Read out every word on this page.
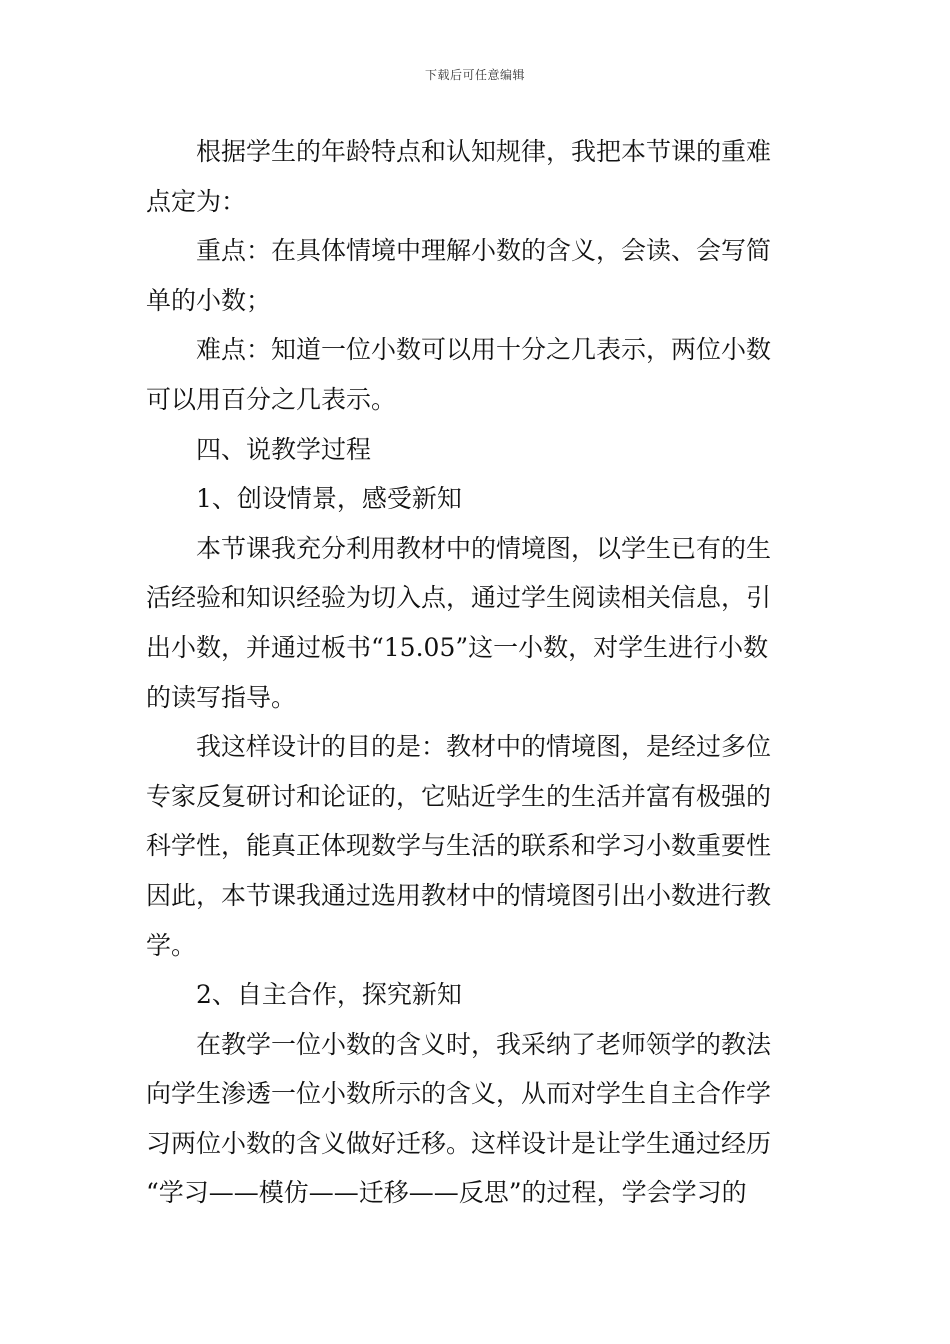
下载后可任意编辑

根据学生的年龄特点和认知规律，我把本节课的重难
点定为：

重点：在具体情境中理解小数的含义，会读、会写简
单的小数；

难点：知道一位小数可以用十分之几表示，两位小数
可以用百分之几表示。

四、说教学过程

1、创设情景，感受新知

本节课我充分利用教材中的情境图，以学生已有的生
活经验和知识经验为切入点，通过学生阅读相关信息，引
出小数，并通过板书“15.05”这一小数，对学生进行小数
的读写指导。

我这样设计的目的是：教材中的情境图，是经过多位
专家反复研讨和论证的，它贴近学生的生活并富有极强的
科学性，能真正体现数学与生活的联系和学习小数重要性
因此，本节课我通过选用教材中的情境图引出小数进行教
学。

2、自主合作，探究新知

在教学一位小数的含义时，我采纳了老师领学的教法
向学生渗透一位小数所示的含义，从而对学生自主合作学
习两位小数的含义做好迁移。这样设计是让学生通过经历
“学习——模仿——迁移——反思”的过程，学会学习的
